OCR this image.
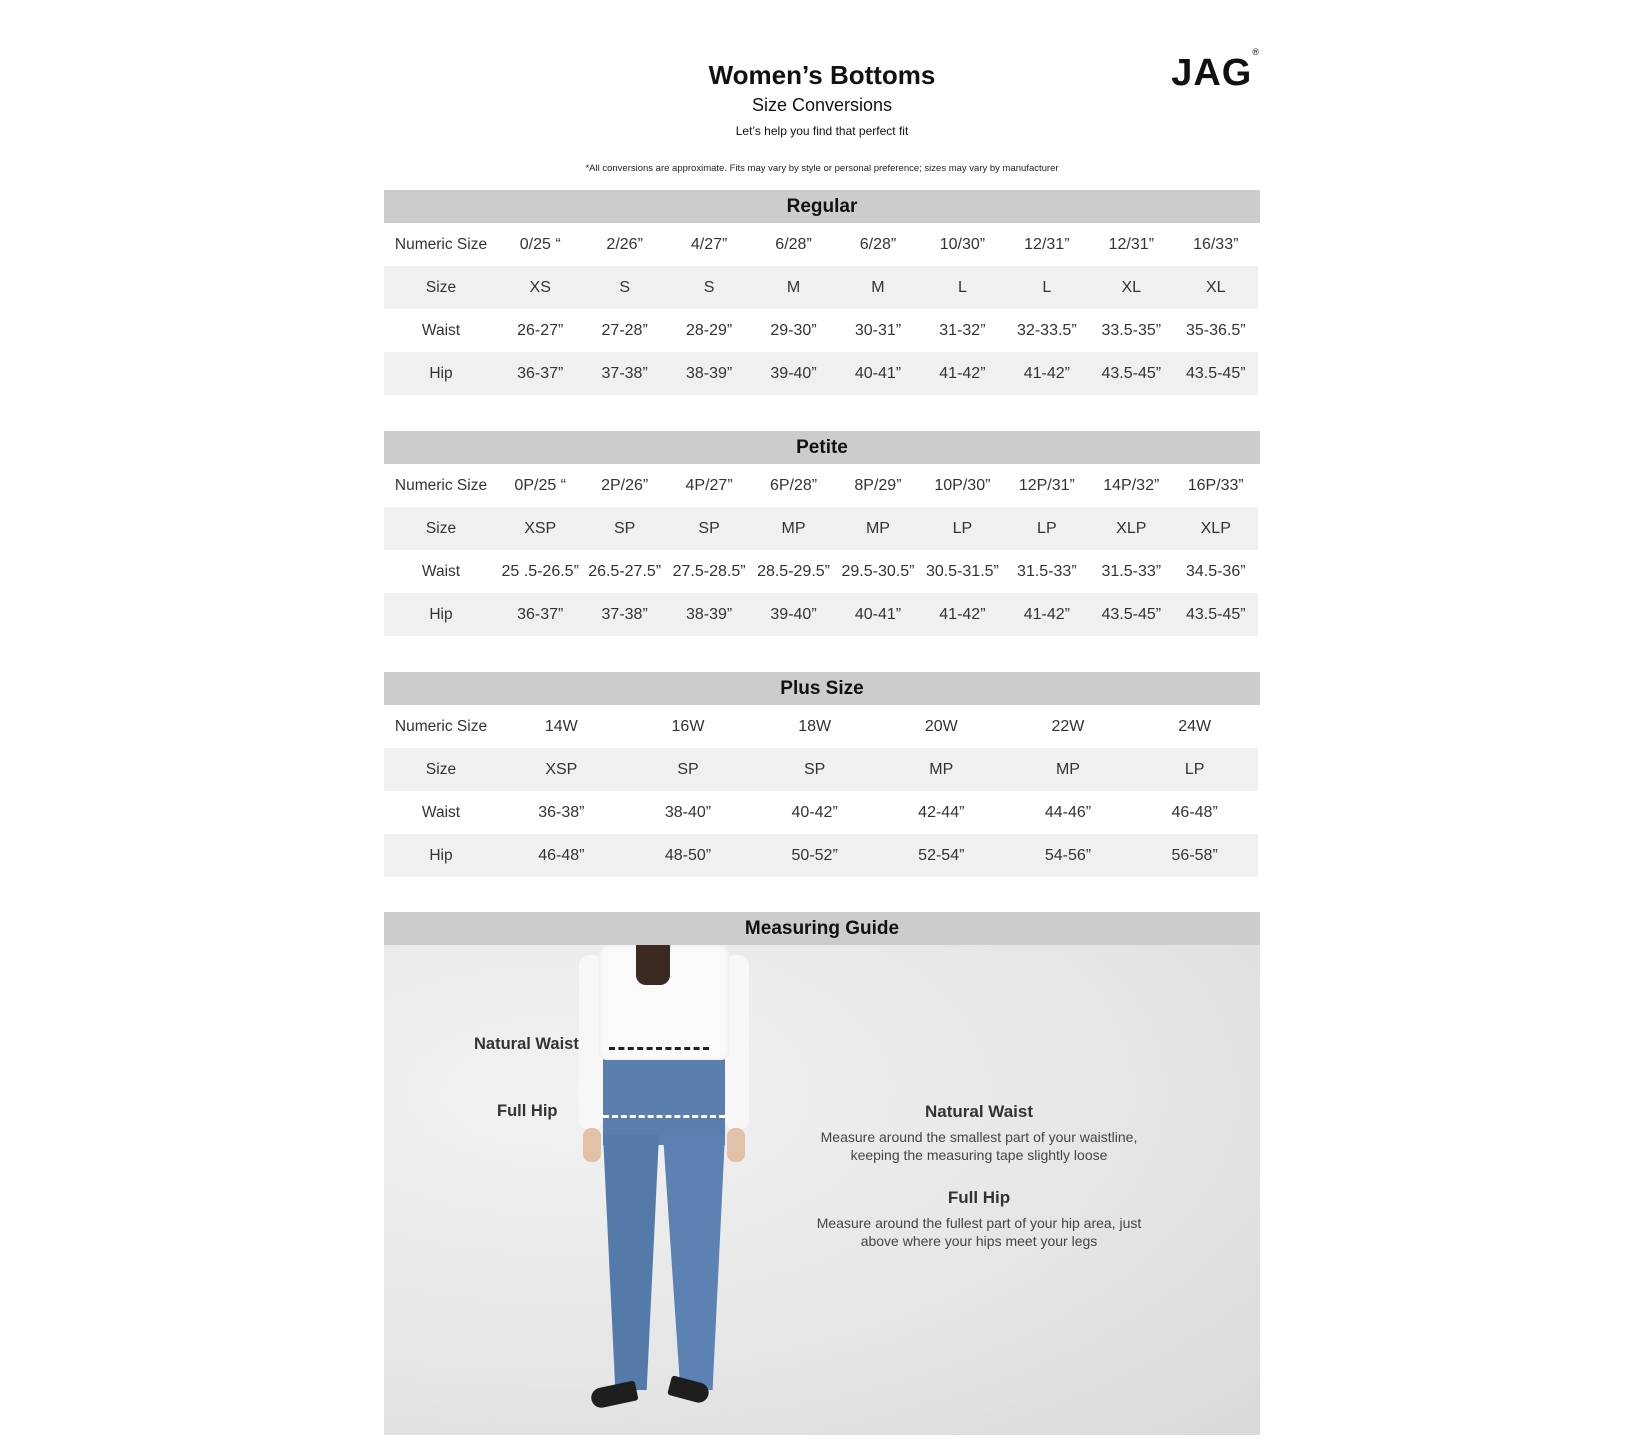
Women’s Bottoms
Size Conversions
Let’s help you find that perfect fit
*All conversions are approximate. Fits may vary by style or personal preference; sizes may vary by manufacturer
JAG®
Regular
Numeric Size	0/25 “	2/26”	4/27”	6/28”	6/28”	10/30”	12/31”	12/31”	16/33”
Size	XS	S	S	M	M	L	L	XL	XL
Waist	26-27”	27-28”	28-29”	29-30”	30-31”	31-32”	32-33.5”	33.5-35”	35-36.5”
Hip	36-37”	37-38”	38-39”	39-40”	40-41”	41-42”	41-42”	43.5-45”	43.5-45”
Petite
Numeric Size	0P/25 “	2P/26”	4P/27”	6P/28”	8P/29”	10P/30”	12P/31”	14P/32”	16P/33”
Size	XSP	SP	SP	MP	MP	LP	LP	XLP	XLP
Waist	25 .5-26.5”	26.5-27.5”	27.5-28.5”	28.5-29.5”	29.5-30.5”	30.5-31.5”	31.5-33”	31.5-33”	34.5-36”
Hip	36-37”	37-38”	38-39”	39-40”	40-41”	41-42”	41-42”	43.5-45”	43.5-45”
Plus Size
Numeric Size	14W	16W	18W	20W	22W	24W
Size	XSP	SP	SP	MP	MP	LP
Waist	36-38”	38-40”	40-42”	42-44”	44-46”	46-48”
Hip	46-48”	48-50”	50-52”	52-54”	54-56”	56-58”
Measuring Guide
Natural Waist
Full Hip	Natural Waist
Measure around the smallest part of your waistline, keeping the measuring tape slightly loose
Full Hip
Measure around the fullest part of your hip area, just above where your hips meet your legs
